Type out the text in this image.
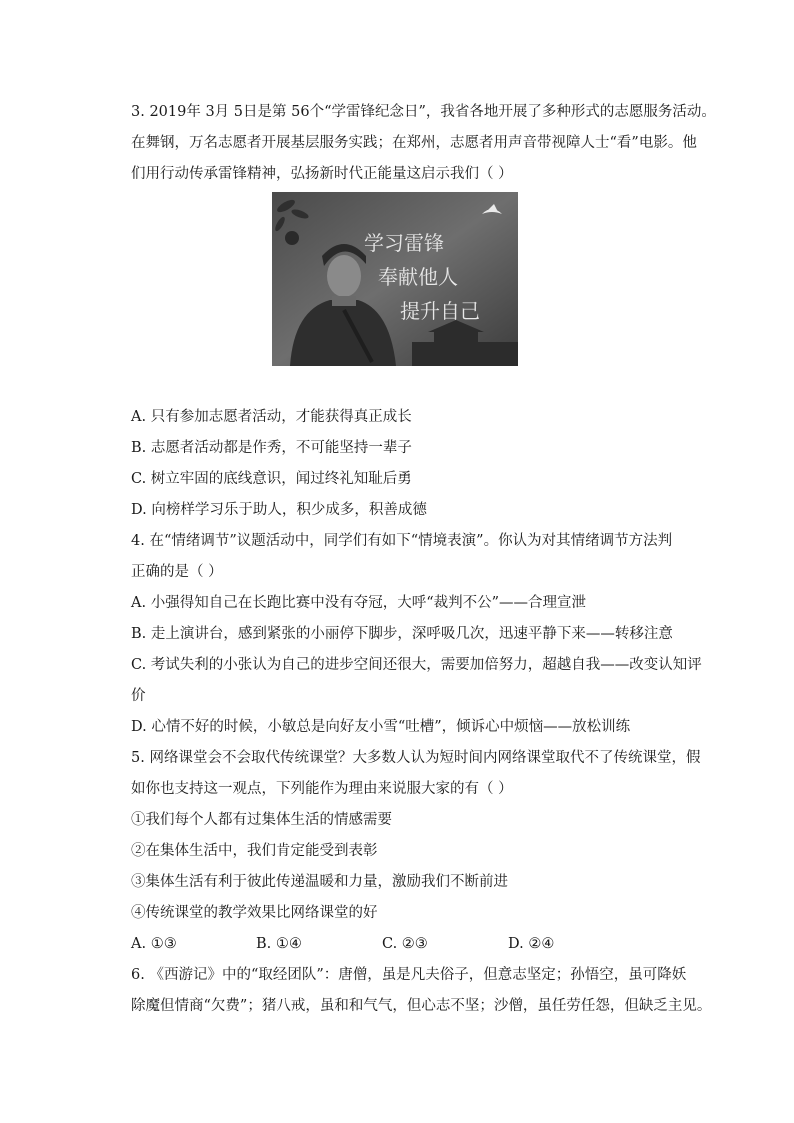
3. 2019年 3月 5日是第 56个“学雷锋纪念日”，我省各地开展了多种形式的志愿服务活动。
在舞钢，万名志愿者开展基层服务实践；在郑州，志愿者用声音带视障人士“看”电影。他
们用行动传承雷锋精神，弘扬新时代正能量这启示我们（ ）
学习雷锋
奉献他人
提升自己
A. 只有参加志愿者活动，才能获得真正成长
B. 志愿者活动都是作秀，不可能坚持一辈子
C. 树立牢固的底线意识，闻过终礼知耻后勇
D. 向榜样学习乐于助人，积少成多，积善成德
4. 在“情绪调节”议题活动中，同学们有如下“情境表演”。你认为对其情绪调节方法判
正确的是（ ）
A. 小强得知自己在长跑比赛中没有夺冠，大呼“裁判不公”——合理宣泄
B. 走上演讲台，感到紧张的小丽停下脚步，深呼吸几次，迅速平静下来——转移注意
C. 考试失利的小张认为自己的进步空间还很大，需要加倍努力，超越自我——改变认知评
价
D. 心情不好的时候，小敏总是向好友小雪“吐槽”，倾诉心中烦恼——放松训练
5. 网络课堂会不会取代传统课堂？大多数人认为短时间内网络课堂取代不了传统课堂，假
如你也支持这一观点，下列能作为理由来说服大家的有（ ）
①我们每个人都有过集体生活的情感需要
②在集体生活中，我们肯定能受到表彰
③集体生活有利于彼此传递温暖和力量，激励我们不断前进
④传统课堂的教学效果比网络课堂的好
A. ①③	B. ①④	C. ②③	D. ②④
6. 《西游记》中的“取经团队”：唐僧，虽是凡夫俗子，但意志坚定；孙悟空，虽可降妖
除魔但情商“欠费”；猪八戒，虽和和气气，但心志不坚；沙僧，虽任劳任怨，但缺乏主见。
